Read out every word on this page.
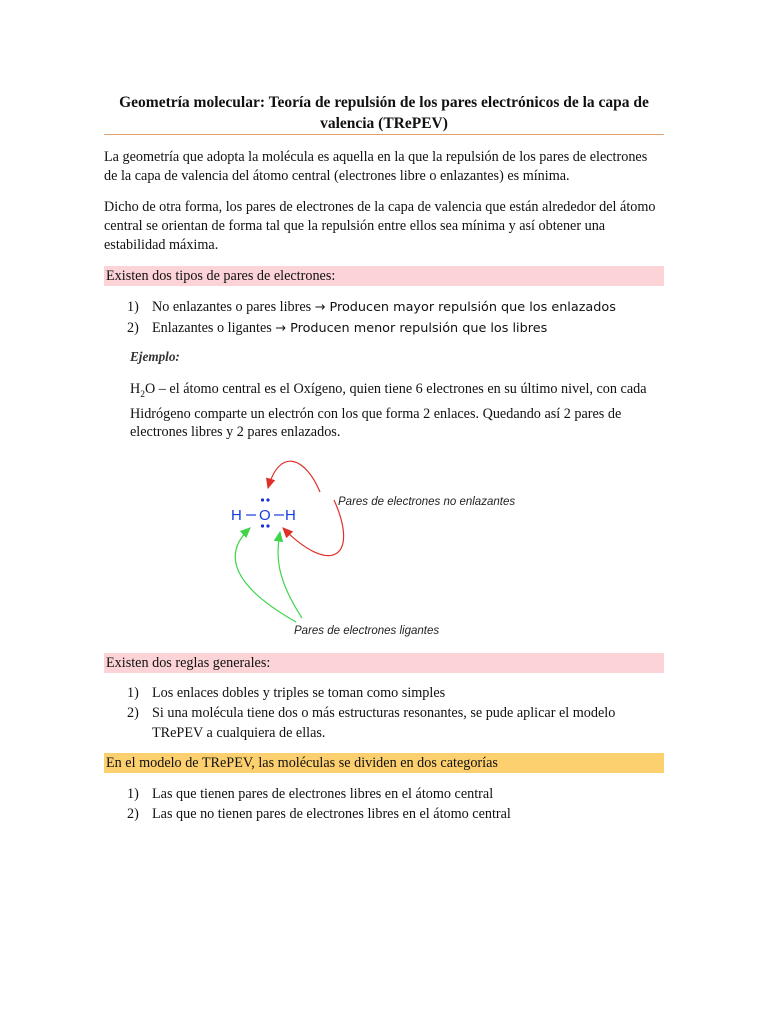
Geometría molecular: Teoría de repulsión de los pares electrónicos de la capa de valencia (TRePEV)
La geometría que adopta la molécula es aquella en la que la repulsión de los pares de electrones de la capa de valencia del átomo central (electrones libre o enlazantes) es mínima.
Dicho de otra forma, los pares de electrones de la capa de valencia que están alrededor del átomo central se orientan de forma tal que la repulsión entre ellos sea mínima y así obtener una estabilidad máxima.
Existen dos tipos de pares de electrones:
1) No enlazantes o pares libres → Producen mayor repulsión que los enlazados
2) Enlazantes o ligantes → Producen menor repulsión que los libres
Ejemplo:
$H_2O$ – el átomo central es el Oxígeno, quien tiene 6 electrones en su último nivel, con cada Hidrógeno comparte un electrón con los que forma 2 enlaces. Quedando así 2 pares de electrones libres y 2 pares enlazados.
H O H
Pares de electrones no enlazantes
Pares de electrones ligantes
Existen dos reglas generales:
1) Los enlaces dobles y triples se toman como simples
2) Si una molécula tiene dos o más estructuras resonantes, se pude aplicar el modelo TRePEV a cualquiera de ellas.
En el modelo de TRePEV, las moléculas se dividen en dos categorías
1) Las que tienen pares de electrones libres en el átomo central
2) Las que no tienen pares de electrones libres en el átomo central
